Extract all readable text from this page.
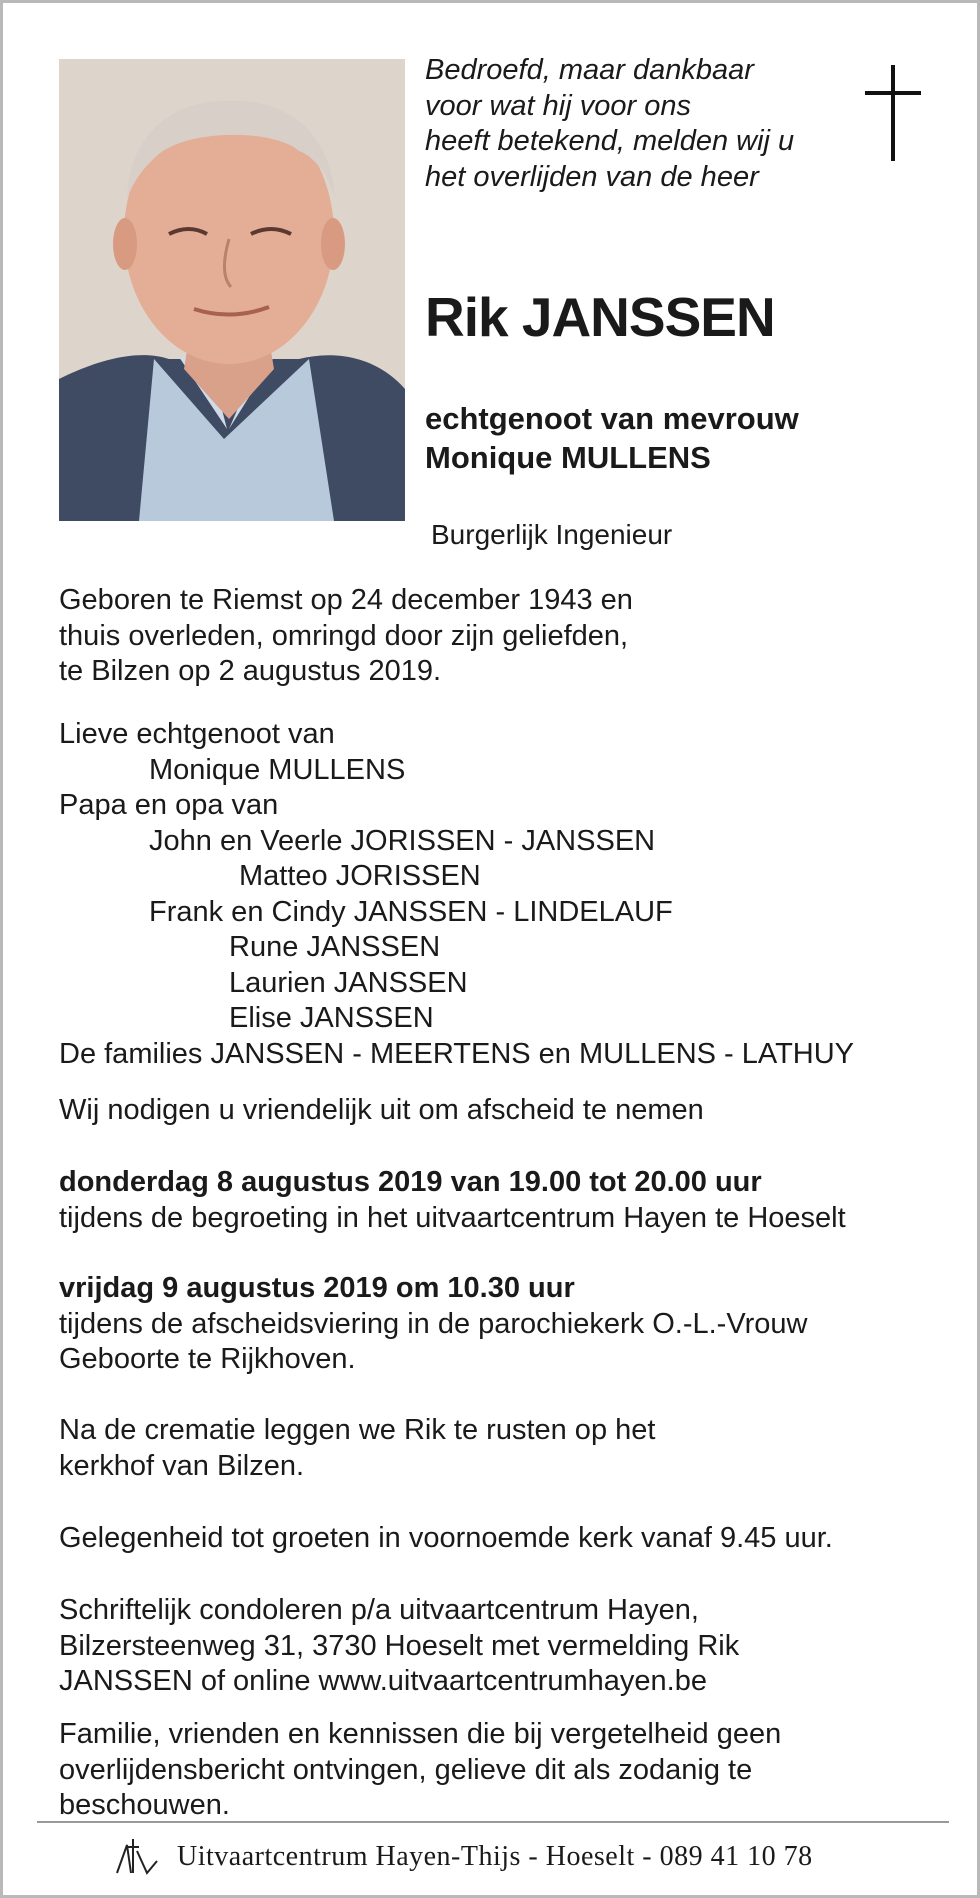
Bedroefd, maar dankbaar
voor wat hij voor ons
heeft betekend, melden wij u
het overlijden van de heer
Rik JANSSEN
echtgenoot van mevrouw
Monique MULLENS
Burgerlijk Ingenieur
Geboren te Riemst op 24 december 1943 en
thuis overleden, omringd door zijn geliefden,
te Bilzen op 2 augustus 2019.
Lieve echtgenoot van
Monique MULLENS
Papa en opa van
John en Veerle JORISSEN - JANSSEN
Matteo JORISSEN
Frank en Cindy JANSSEN - LINDELAUF
Rune JANSSEN
Laurien JANSSEN
Elise JANSSEN
De families JANSSEN - MEERTENS en MULLENS - LATHUY
Wij nodigen u vriendelijk uit om afscheid te nemen
donderdag 8 augustus 2019 van 19.00 tot 20.00 uur
tijdens de begroeting in het uitvaartcentrum Hayen te Hoeselt
vrijdag 9 augustus 2019 om 10.30 uur
tijdens de afscheidsviering in de parochiekerk O.-L.-Vrouw
Geboorte te Rijkhoven.
Na de crematie leggen we Rik te rusten op het
kerkhof van Bilzen.
Gelegenheid tot groeten in voornoemde kerk vanaf 9.45 uur.
Schriftelijk condoleren p/a uitvaartcentrum Hayen,
Bilzersteenweg 31, 3730 Hoeselt met vermelding Rik
JANSSEN of online www.uitvaartcentrumhayen.be
Familie, vrienden en kennissen die bij vergetelheid geen
overlijdensbericht ontvingen, gelieve dit als zodanig te
beschouwen.
Uitvaartcentrum Hayen-Thijs - Hoeselt - 089 41 10 78
